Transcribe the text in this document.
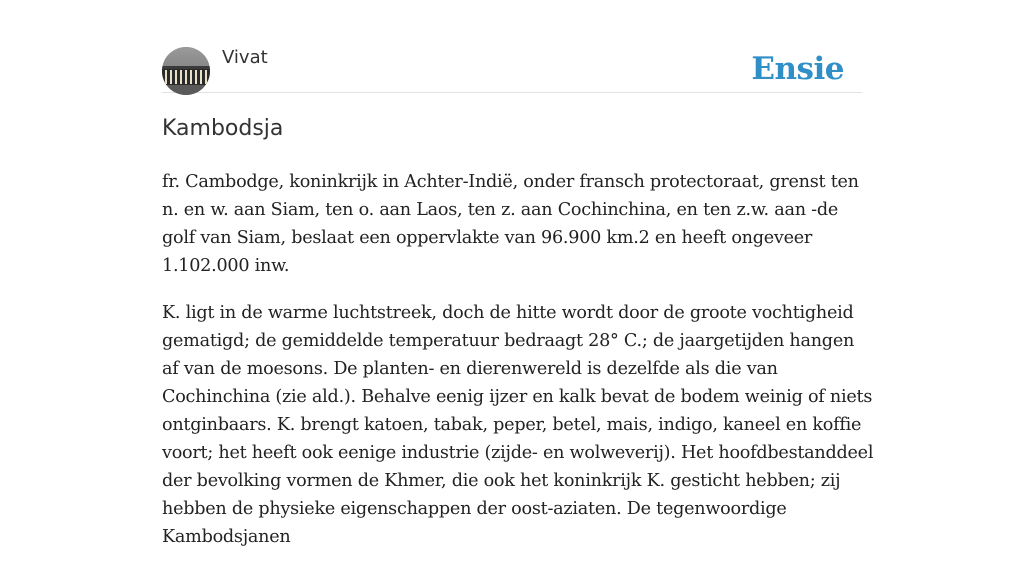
Vivat	Ensie
Kambodsja

fr. Cambodge, koninkrijk in Achter-Indië, onder fransch protectoraat, grenst ten n. en w. aan Siam, ten o. aan Laos, ten z. aan Cochinchina, en ten z.w. aan -de golf van Siam, beslaat een oppervlakte van 96.900 km.2 en heeft ongeveer 1.102.000 inw.

K. ligt in de warme luchtstreek, doch de hitte wordt door de groote vochtigheid gematigd; de gemiddelde temperatuur bedraagt 28° C.; de jaargetijden hangen af van de moesons. De planten- en dierenwereld is dezelfde als die van Cochinchina (zie ald.). Behalve eenig ijzer en kalk bevat de bodem weinig of niets ontginbaars. K. brengt katoen, tabak, peper, betel, mais, indigo, kaneel en koffie voort; het heeft ook eenige industrie (zijde- en wolweverij). Het hoofdbestanddeel der bevolking vormen de Khmer, die ook het koninkrijk K. gesticht hebben; zij hebben de physieke eigenschappen der oost-aziaten. De tegenwoordige Kambodsjanen
